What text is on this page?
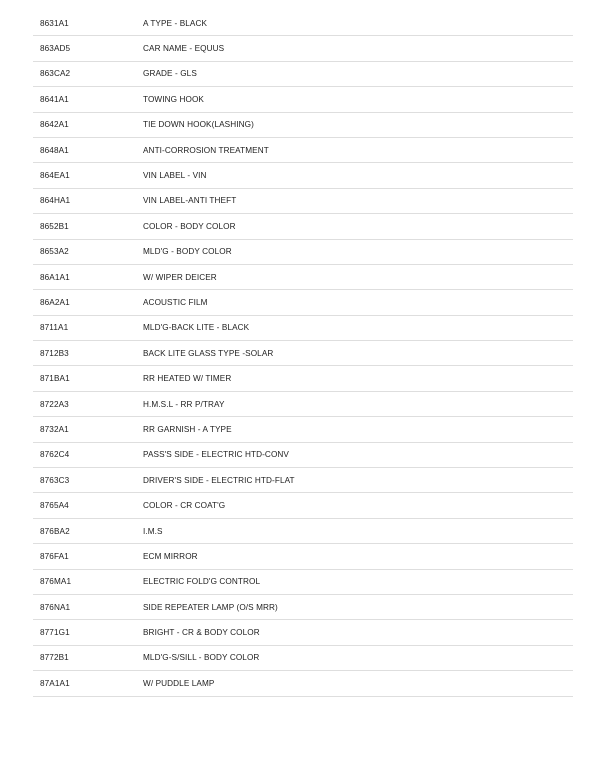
8631A1	A TYPE - BLACK
863AD5	CAR NAME - EQUUS
863CA2	GRADE - GLS
8641A1	TOWING HOOK
8642A1	TIE DOWN HOOK(LASHING)
8648A1	ANTI-CORROSION TREATMENT
864EA1	VIN LABEL - VIN
864HA1	VIN LABEL-ANTI THEFT
8652B1	COLOR - BODY COLOR
8653A2	MLD'G - BODY COLOR
86A1A1	W/ WIPER DEICER
86A2A1	ACOUSTIC FILM
8711A1	MLD'G-BACK LITE - BLACK
8712B3	BACK LITE GLASS TYPE -SOLAR
871BA1	RR HEATED W/ TIMER
8722A3	H.M.S.L - RR P/TRAY
8732A1	RR GARNISH - A TYPE
8762C4	PASS'S SIDE - ELECTRIC HTD-CONV
8763C3	DRIVER'S SIDE - ELECTRIC HTD-FLAT
8765A4	COLOR - CR COAT'G
876BA2	I.M.S
876FA1	ECM MIRROR
876MA1	ELECTRIC FOLD'G CONTROL
876NA1	SIDE REPEATER LAMP (O/S MRR)
8771G1	BRIGHT - CR & BODY COLOR
8772B1	MLD'G-S/SILL - BODY COLOR
87A1A1	W/ PUDDLE LAMP
